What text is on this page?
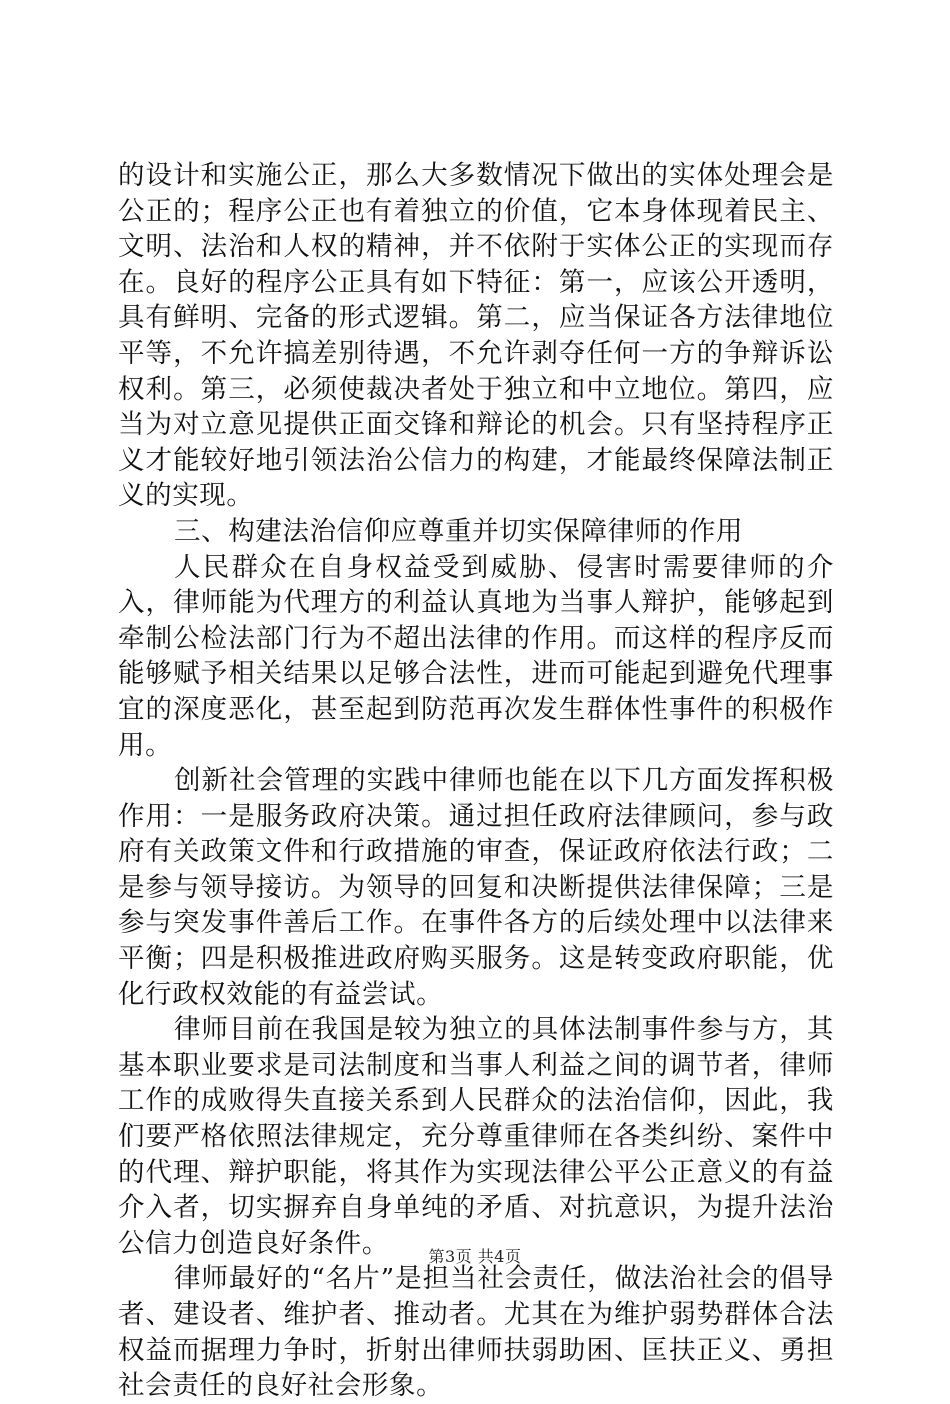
的设计和实施公正，那么大多数情况下做出的实体处理会是公正的；程序公正也有着独立的价值，它本身体现着民主、文明、法治和人权的精神，并不依附于实体公正的实现而存在。良好的程序公正具有如下特征：第一，应该公开透明，具有鲜明、完备的形式逻辑。第二，应当保证各方法律地位平等，不允许搞差别待遇，不允许剥夺任何一方的争辩诉讼权利。第三，必须使裁决者处于独立和中立地位。第四，应当为对立意见提供正面交锋和辩论的机会。只有坚持程序正义才能较好地引领法治公信力的构建，才能最终保障法制正义的实现。

三、构建法治信仰应尊重并切实保障律师的作用

人民群众在自身权益受到威胁、侵害时需要律师的介入，律师能为代理方的利益认真地为当事人辩护，能够起到牵制公检法部门行为不超出法律的作用。而这样的程序反而能够赋予相关结果以足够合法性，进而可能起到避免代理事宜的深度恶化，甚至起到防范再次发生群体性事件的积极作用。

创新社会管理的实践中律师也能在以下几方面发挥积极作用：一是服务政府决策。通过担任政府法律顾问，参与政府有关政策文件和行政措施的审查，保证政府依法行政；二是参与领导接访。为领导的回复和决断提供法律保障；三是参与突发事件善后工作。在事件各方的后续处理中以法律来平衡；四是积极推进政府购买服务。这是转变政府职能，优化行政权效能的有益尝试。

律师目前在我国是较为独立的具体法制事件参与方，其基本职业要求是司法制度和当事人利益之间的调节者，律师工作的成败得失直接关系到人民群众的法治信仰，因此，我们要严格依照法律规定，充分尊重律师在各类纠纷、案件中的代理、辩护职能，将其作为实现法律公平公正意义的有益介入者，切实摒弃自身单纯的矛盾、对抗意识，为提升法治公信力创造良好条件。

律师最好的“名片”是担当社会责任，做法治社会的倡导者、建设者、维护者、推动者。尤其在为维护弱势群体合法权益而据理力争时，折射出律师扶弱助困、匡扶正义、勇担社会责任的良好社会形象。

第3页 共4页
